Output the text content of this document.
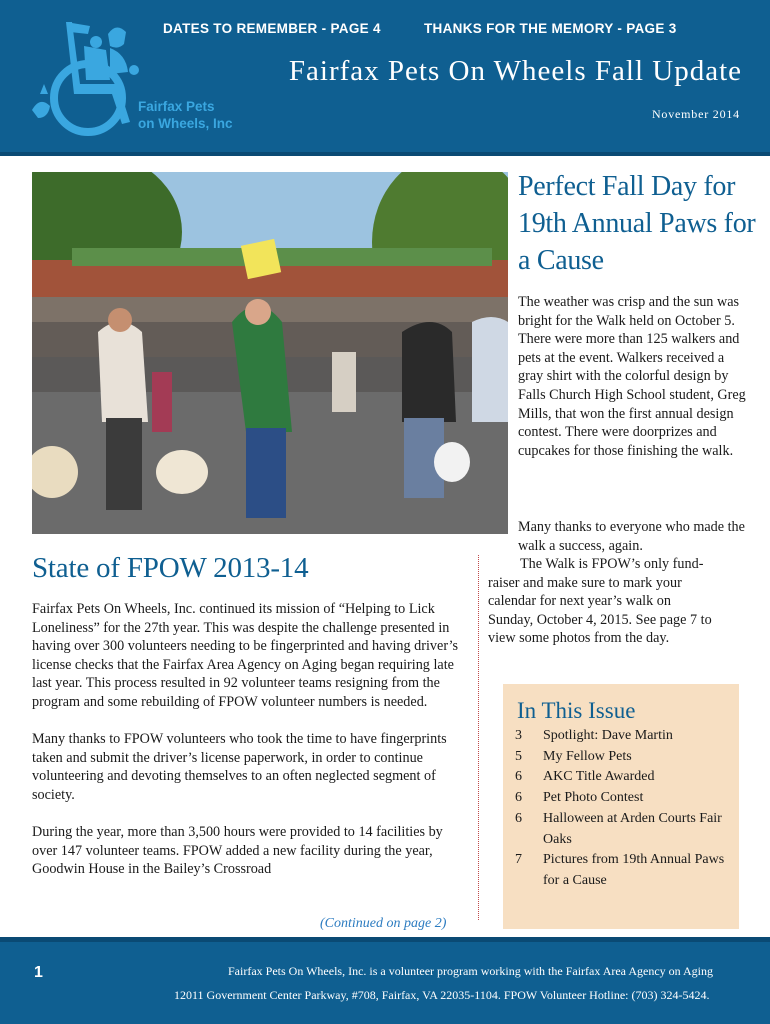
DATES TO REMEMBER - PAGE 4	THANKS FOR THE MEMORY - PAGE 3
Fairfax Pets
on Wheels, Inc
Fairfax Pets On Wheels Fall Update
November 2014
Perfect Fall Day for 19th Annual Paws for a Cause
The weather was crisp and the sun was bright for the Walk held on October 5. There were more than 125 walkers and pets at the event. Walkers received a gray shirt with the colorful design by Falls Church High School student, Greg Mills, that won the first annual design contest. There were doorprizes and cupcakes for those finishing the walk.
Many thanks to everyone who made the walk a success, again.
The Walk is FPOW’s only fund-
raiser and make sure to mark your
calendar for next year’s walk on
Sunday, October 4, 2015. See page 7 to
view some photos from the day.
State of FPOW 2013-14

Fairfax Pets On Wheels, Inc. continued its mission of “Helping to Lick Loneliness” for the 27th year. This was despite the challenge presented in having over 300 volunteers needing to be fingerprinted and having driver’s license checks that the Fairfax Area Agency on Aging began requiring late last year. This process resulted in 92 volunteer teams resigning from the program and some rebuilding of FPOW volunteer numbers is needed.

Many thanks to FPOW volunteers who took the time to have fingerprints taken and submit the driver’s license paperwork, in order to continue volunteering and devoting themselves to an often neglected segment of society.

During the year, more than 3,500 hours were provided to 14 facilities by over 147 volunteer teams. FPOW added a new facility during the year, Goodwin House in the Bailey’s Crossroad

(Continued on page 2)
In This Issue
3	Spotlight: Dave Martin
5	My Fellow Pets
6	AKC Title Awarded
6	Pet Photo Contest
6	Halloween at Arden Courts Fair Oaks
7	Pictures from 19th Annual Paws for a Cause
1	Fairfax Pets On Wheels, Inc. is a volunteer program working with the Fairfax Area Agency on Aging
12011 Government Center Parkway, #708, Fairfax, VA 22035-1104. FPOW Volunteer Hotline: (703) 324-5424.
